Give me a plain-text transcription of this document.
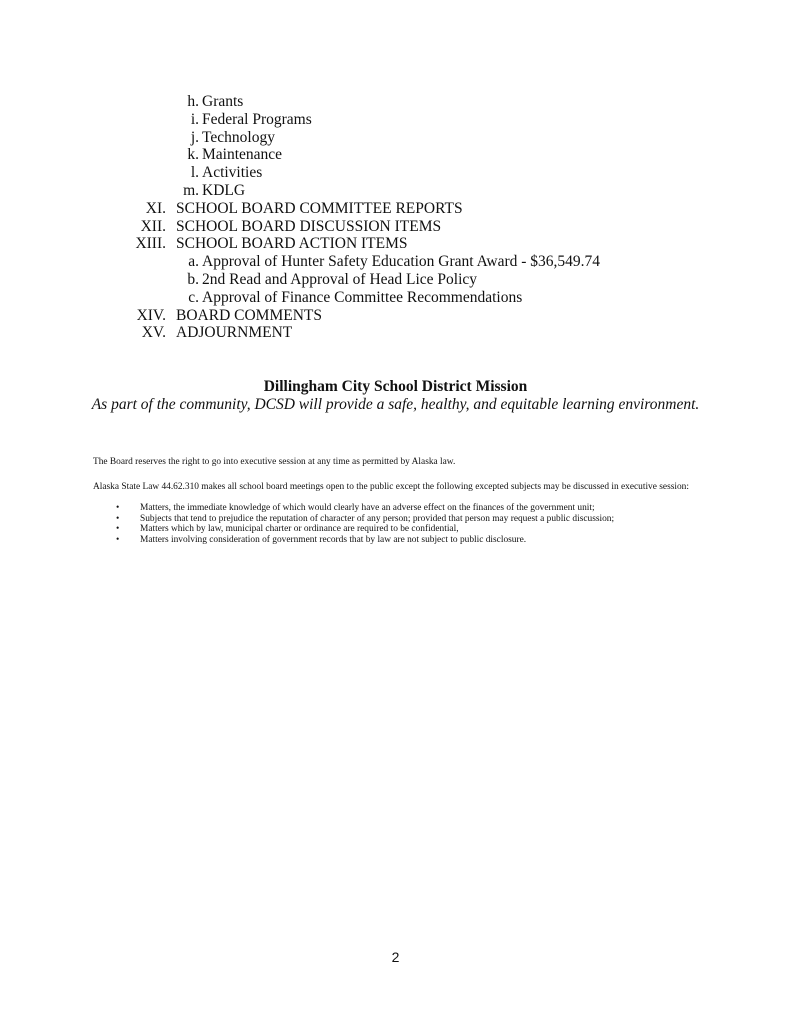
h. Grants
i. Federal Programs
j. Technology
k. Maintenance
l. Activities
m. KDLG
XI. SCHOOL BOARD COMMITTEE REPORTS
XII. SCHOOL BOARD DISCUSSION ITEMS
XIII. SCHOOL BOARD ACTION ITEMS
a. Approval of Hunter Safety Education Grant Award - $36,549.74
b. 2nd Read and Approval of Head Lice Policy
c. Approval of Finance Committee Recommendations
XIV. BOARD COMMENTS
XV. ADJOURNMENT
Dillingham City School District Mission
As part of the community, DCSD will provide a safe, healthy, and equitable learning environment.
The Board reserves the right to go into executive session at any time as permitted by Alaska law.
Alaska State Law 44.62.310 makes all school board meetings open to the public except the following excepted subjects may be discussed in executive session:
• Matters, the immediate knowledge of which would clearly have an adverse effect on the finances of the government unit;
• Subjects that tend to prejudice the reputation of character of any person; provided that person may request a public discussion;
• Matters which by law, municipal charter or ordinance are required to be confidential,
• Matters involving consideration of government records that by law are not subject to public disclosure.
2
